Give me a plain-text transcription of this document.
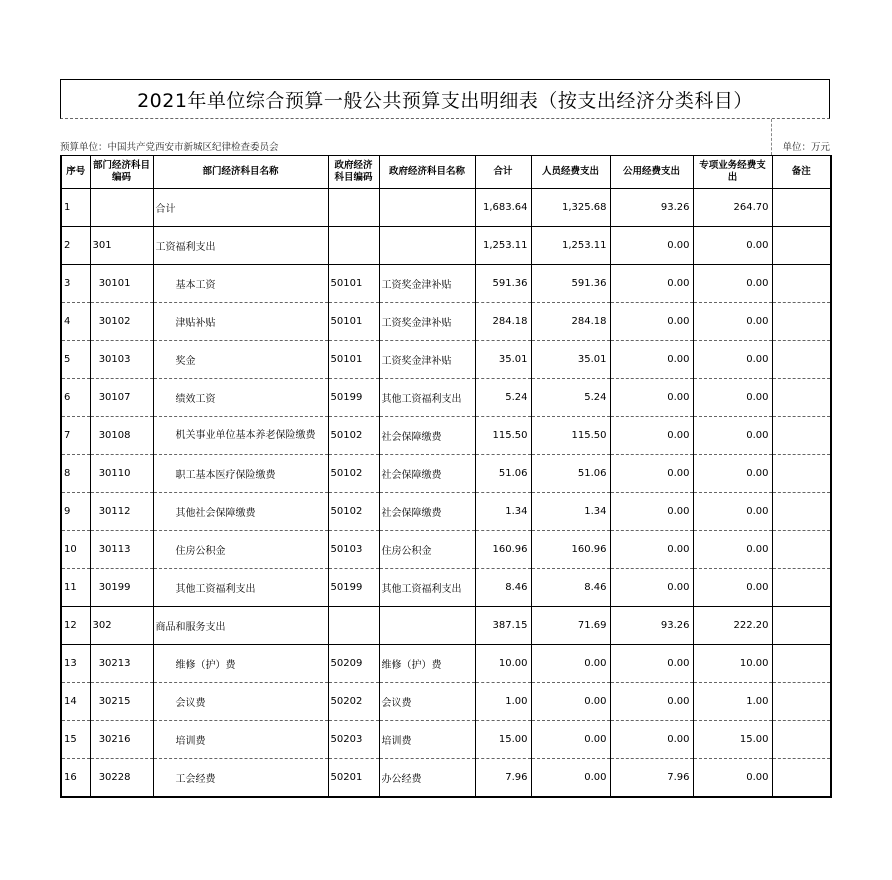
2021年单位综合预算一般公共预算支出明细表（按支出经济分类科目）
预算单位：中国共产党西安市新城区纪律检查委员会	单位：万元
序号	部门经济科目编码	部门经济科目名称	政府经济科目编码	政府经济科目名称	合计	人员经费支出	公用经费支出	专项业务经费支出	备注
1		合计			1,683.64	1,325.68	93.26	264.70	
2	301	工资福利支出			1,253.11	1,253.11	0.00	0.00	
3	30101	基本工资	50101	工资奖金津补贴	591.36	591.36	0.00	0.00	
4	30102	津贴补贴	50101	工资奖金津补贴	284.18	284.18	0.00	0.00	
5	30103	奖金	50101	工资奖金津补贴	35.01	35.01	0.00	0.00	
6	30107	绩效工资	50199	其他工资福利支出	5.24	5.24	0.00	0.00	
7	30108	机关事业单位基本养老保险缴费	50102	社会保障缴费	115.50	115.50	0.00	0.00	
8	30110	职工基本医疗保险缴费	50102	社会保障缴费	51.06	51.06	0.00	0.00	
9	30112	其他社会保障缴费	50102	社会保障缴费	1.34	1.34	0.00	0.00	
10	30113	住房公积金	50103	住房公积金	160.96	160.96	0.00	0.00	
11	30199	其他工资福利支出	50199	其他工资福利支出	8.46	8.46	0.00	0.00	
12	302	商品和服务支出			387.15	71.69	93.26	222.20	
13	30213	维修（护）费	50209	维修（护）费	10.00	0.00	0.00	10.00	
14	30215	会议费	50202	会议费	1.00	0.00	0.00	1.00	
15	30216	培训费	50203	培训费	15.00	0.00	0.00	15.00	
16	30228	工会经费	50201	办公经费	7.96	0.00	7.96	0.00	
